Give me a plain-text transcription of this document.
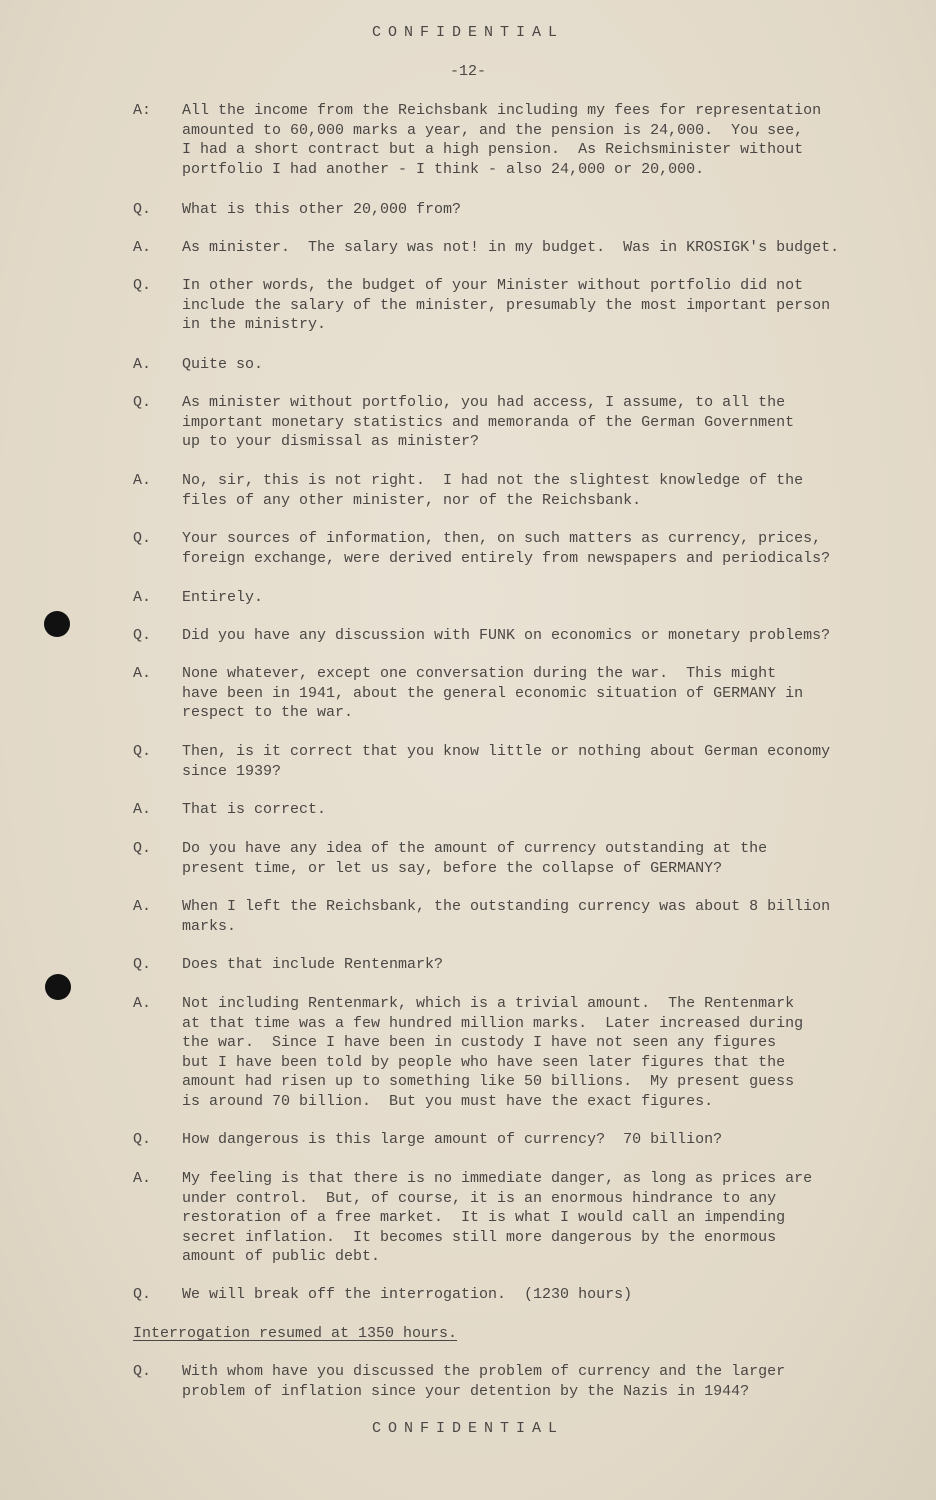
CONFIDENTIAL
-12-
A:	All the income from the Reichsbank including my fees for representation
amounted to 60,000 marks a year, and the pension is 24,000.  You see,
I had a short contract but a high pension.  As Reichsminister without
portfolio I had another - I think - also 24,000 or 20,000.
Q.	What is this other 20,000 from?
A.	As minister.  The salary was not! in my budget.  Was in KROSIGK's budget.
Q.	In other words, the budget of your Minister without portfolio did not
include the salary of the minister, presumably the most important person
in the ministry.
A.	Quite so.
Q.	As minister without portfolio, you had access, I assume, to all the
important monetary statistics and memoranda of the German Government
up to your dismissal as minister?
A.	No, sir, this is not right.  I had not the slightest knowledge of the
files of any other minister, nor of the Reichsbank.
Q.	Your sources of information, then, on such matters as currency, prices,
foreign exchange, were derived entirely from newspapers and periodicals?
A.	Entirely.
Q.	Did you have any discussion with FUNK on economics or monetary problems?
A.	None whatever, except one conversation during the war.  This might
have been in 1941, about the general economic situation of GERMANY in
respect to the war.
Q.	Then, is it correct that you know little or nothing about German economy
since 1939?
A.	That is correct.
Q.	Do you have any idea of the amount of currency outstanding at the
present time, or let us say, before the collapse of GERMANY?
A.	When I left the Reichsbank, the outstanding currency was about 8 billion
marks.
Q.	Does that include Rentenmark?
A.	Not including Rentenmark, which is a trivial amount.  The Rentenmark
at that time was a few hundred million marks.  Later increased during
the war.  Since I have been in custody I have not seen any figures
but I have been told by people who have seen later figures that the
amount had risen up to something like 50 billions.  My present guess
is around 70 billion.  But you must have the exact figures.
Q.	How dangerous is this large amount of currency?  70 billion?
A.	My feeling is that there is no immediate danger, as long as prices are
under control.  But, of course, it is an enormous hindrance to any
restoration of a free market.  It is what I would call an impending
secret inflation.  It becomes still more dangerous by the enormous
amount of public debt.
Q.	We will break off the interrogation.  (1230 hours)
Interrogation resumed at 1350 hours.
Q.	With whom have you discussed the problem of currency and the larger
problem of inflation since your detention by the Nazis in 1944?
CONFIDENTIAL
